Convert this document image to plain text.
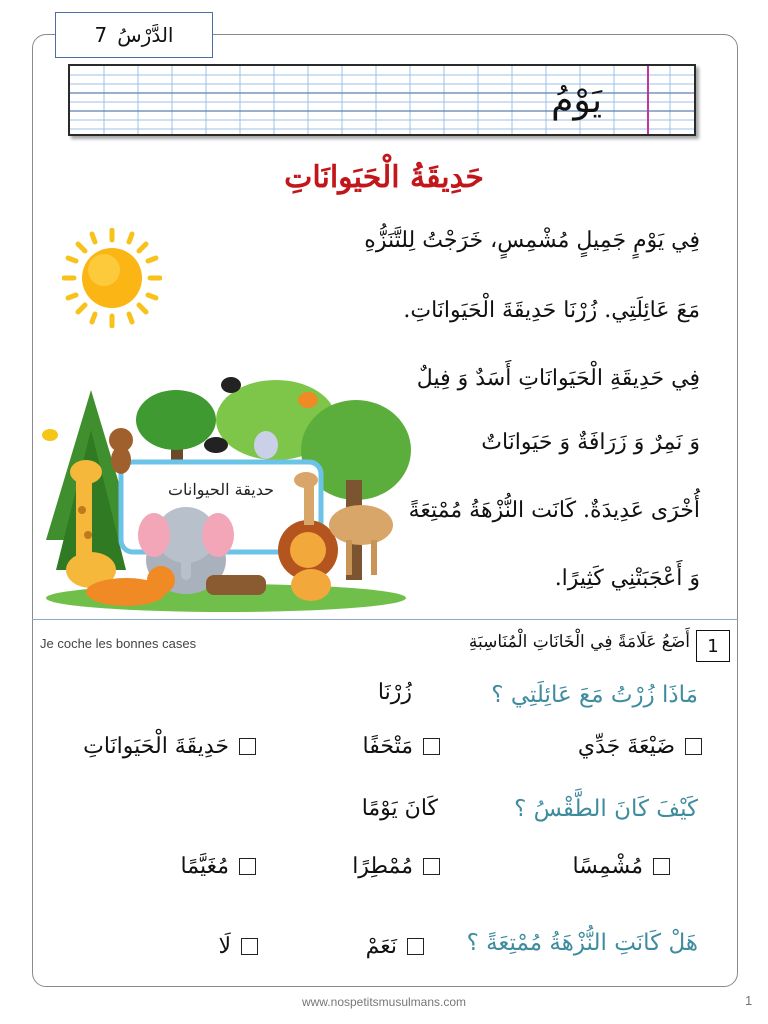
الدَّرْسُ
7
يَوْمُ
حَدِيقَةُ الْحَيَوانَاتِ
فِي يَوْمٍ جَمِيلٍ مُشْمِسٍ، خَرَجْتُ لِلتَّنَزُّهِ
مَعَ عَائِلَتِي. زُرْنَا حَدِيقَةَ الْحَيَوانَاتِ.
فِي حَدِيقَةِ الْحَيَوانَاتِ أَسَدٌ وَ فِيلٌ
وَ نَمِرٌ وَ زَرَافَةٌ وَ حَيَوانَاتٌ
أُخْرَى عَدِيدَةٌ. كَانَت النُّزْهَةُ مُمْتِعَةً
وَ أَعْجَبَتْنِي كَثِيرًا.
حديقة الحيوانات
Je coche les bonnes cases	1
أَضَعُ عَلَامَةً فِي الْخَانَاتِ الْمُنَاسِبَةِ
مَاذَا زُرْتُ مَعَ عَائِلَتِي ؟
زُرْنَا
ضَيْعَةَ جَدِّي
مَتْحَفًا
حَدِيقَةَ الْحَيَوانَاتِ
كَيْفَ كَانَ الطَّقْسُ ؟
كَانَ يَوْمًا
مُشْمِسًا
مُمْطِرًا
مُغَيَّمًا
هَلْ كَانَتِ النُّزْهَةُ مُمْتِعَةً ؟
نَعَمْ
لَا
www.nospetitsmusulmans.com	1
